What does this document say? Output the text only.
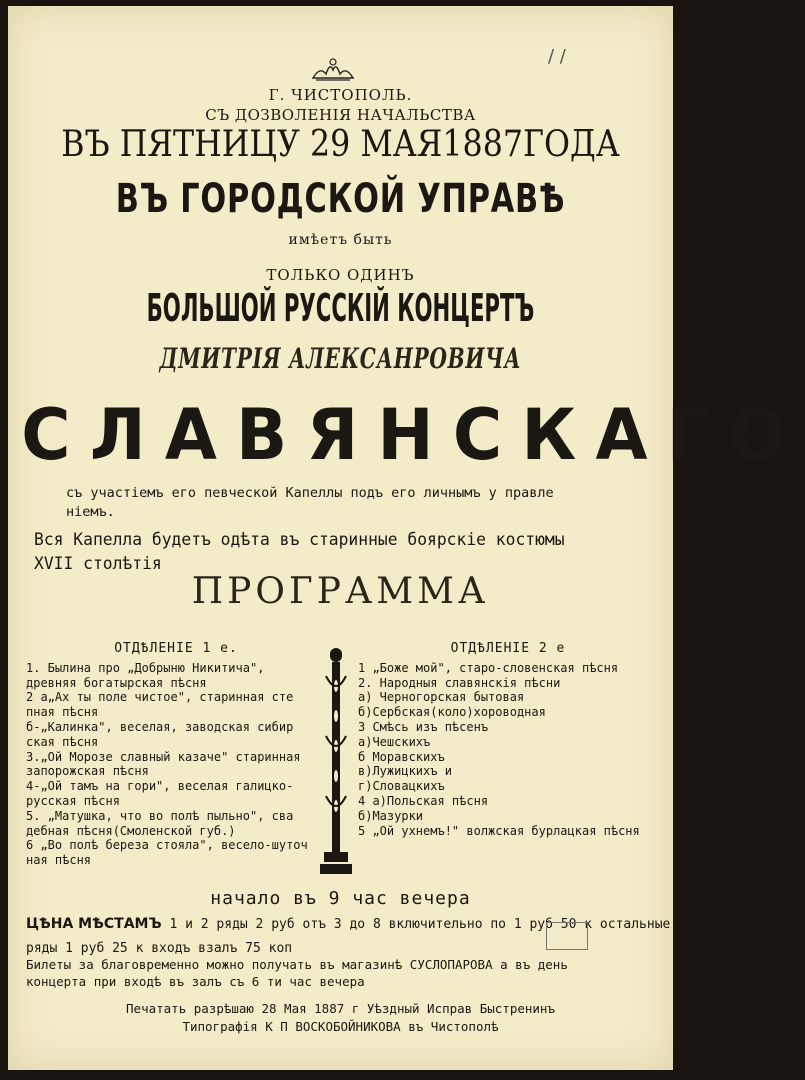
/ /
Г. ЧИСТОПОЛЬ.
СЪ ДОЗВОЛЕНІЯ НАЧАЛЬСТВА
ВЪ ПЯТНИЦУ 29 МАЯ1887ГОДА
ВЪ ГОРОДСКОЙ УПРАВѢ
имѣетъ быть
ТОЛЬКО ОДИНЪ
БОЛЬШОЙ РУССКІЙ КОНЦЕРТЪ
ДМИТРІЯ АЛЕКСАНРОВИЧА
СЛАВЯНСКАГО
съ участіемъ его певческой Капеллы подъ его личнымъ у правле
ніемъ.
Вся Капелла будетъ одѣта въ старинные боярскіе костюмы
XVII столѣтія
ПРОГРАММА
ОТДѢЛЕНІЕ 1 е.
1. Былина про „Добрыню Никитича",
древняя богатырская пѣсня
2 а„Ах ты поле чистое", старинная сте
пная пѣсня
б-„Калинка", веселая, заводская сибир
ская пѣсня
3.„Ой Морозе славный казаче" старинная
запорожская пѣсня
4-„Ой тамъ на гори", веселая галицко-
русская пѣсня
5. „Матушка, что во полѣ пыльно", сва
дебная пѣсня(Смоленской губ.)
6 „Во полѣ береза стояла", весело-шуточ
ная пѣсня
ОТДѢЛЕНІЕ 2 е
1 „Боже мой", старо-словенская пѣсня
2. Народныя славянскія пѣсни
а) Черногорская бытовая
б)Сербская(коло)хороводная
3 Смѣсь изъ пѣсенъ
а)Чешскихъ
б Моравскихъ
в)Лужицкихъ и
г)Словацкихъ
4 а)Польская пѣсня
б)Мазурки
5 „Ой ухнемъ!" волжская бурлацкая пѣсня
начало въ 9 час вечера
ЦѢНА МѢСТАМЪ 1 и 2 ряды 2 руб отъ 3 до 8 включительно по 1 руб 50 к остальные
ряды 1 руб 25 к входъ взалъ 75 коп
Билеты за благовременно можно получать въ магазинѣ СУСЛОПАРОВА а въ день
концерта при входѣ въ залъ съ 6 ти час вечера
Печатать разрѣшаю 28 Мая 1887 г Уѣздный Исправ Быстренинъ
Типографія К П ВОСКОБОЙНИКОВА въ Чистополѣ
